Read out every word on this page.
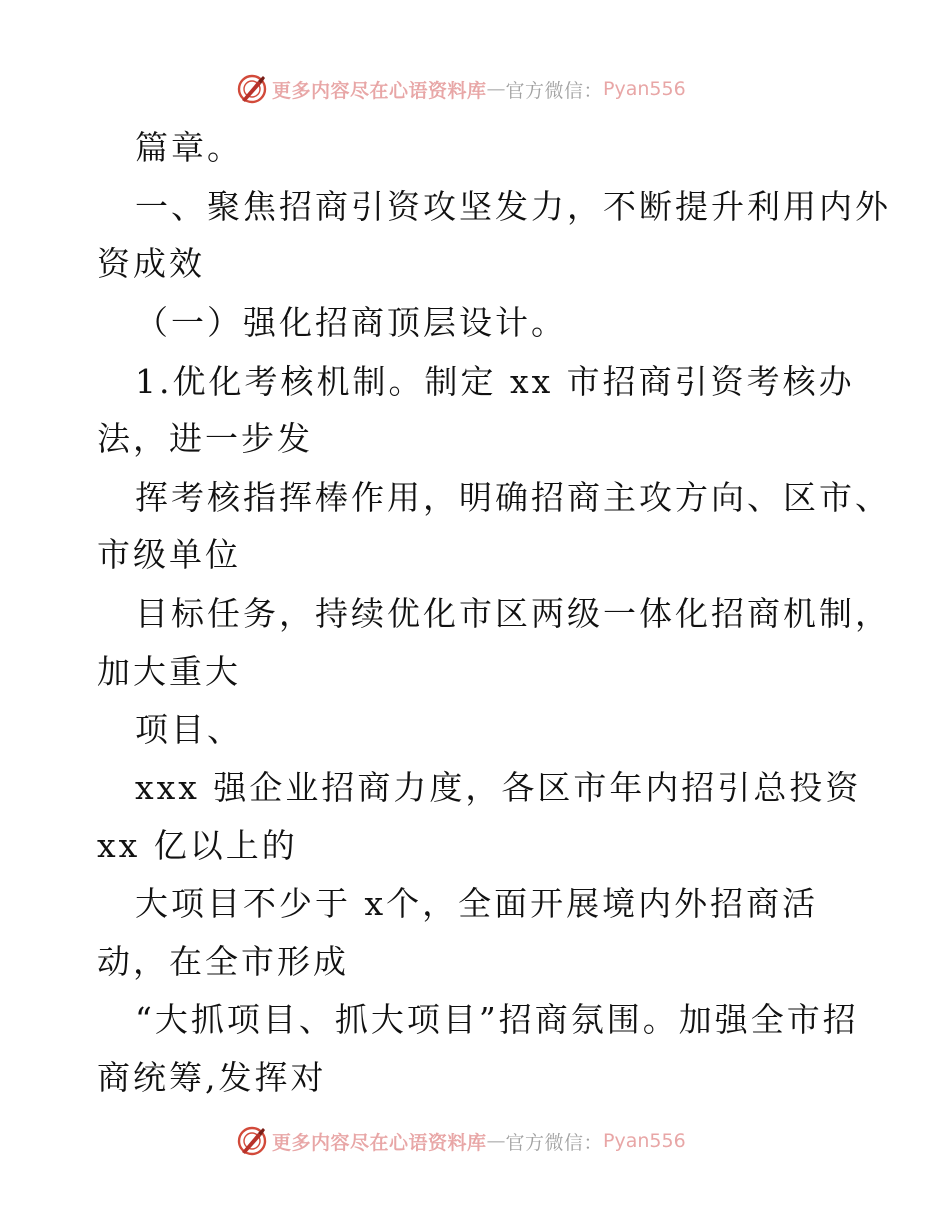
更多内容尽在心语资料库 — 官方微信： Pyan556
篇章。
一、聚焦招商引资攻坚发力，不断提升利用内外
资成效
（一）强化招商顶层设计。
1.优化考核机制。制定 xx 市招商引资考核办
法，进一步发
挥考核指挥棒作用，明确招商主攻方向、区市、
市级单位
目标任务，持续优化市区两级一体化招商机制，
加大重大
项目、
xxx 强企业招商力度，各区市年内招引总投资
xx 亿以上的
大项目不少于 x个，全面开展境内外招商活
动，在全市形成
“大抓项目、抓大项目”招商氛围。加强全市招
商统筹,发挥对
更多内容尽在心语资料库 — 官方微信： Pyan556
